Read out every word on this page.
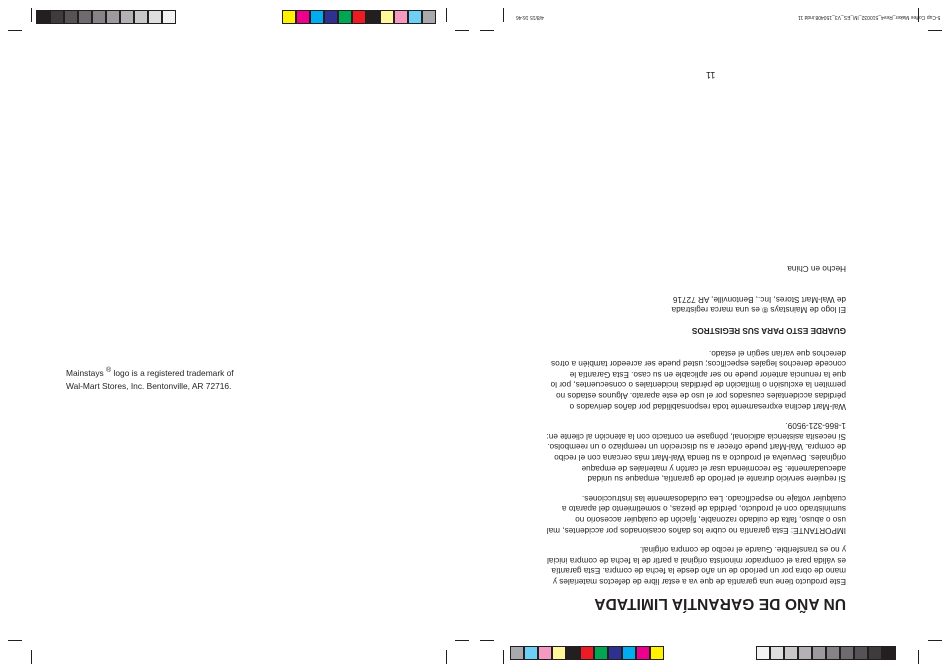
Mainstays ® logo is a registered trademark of
Wal-Mart Stores, Inc. Bentonville, AR 72716.
5-Cup Coffee Maker_Rev4_510032_IM_ES_V3_150408.indd 11
4/8/15 16:46
11
UN AÑO DE GARANTÍA LIMITADA

Este producto tiene una garantía de que va a estar libre de defectos materiales y mano de obra por un período de un año desde la fecha de compra. Esta garantía es válida para el comprador minorista original a partir de la fecha de compra inicial y no es transferible. Guarde el recibo de compra original.

IMPORTANTE: Esta garantía no cubre los daños ocasionados por accidentes, mal uso o abuso, falta de cuidado razonable, fijación de cualquier accesorio no suministrado con el producto, pérdida de piezas, o sometimiento del aparato a cualquier voltaje no especificado. Lea cuidadosamente las instrucciones.

Si requiere servicio durante el período de garantía, empaque su unidad adecuadamente. Se recomienda usar el cartón y materiales de empaque originales. Devuelva el producto a su tienda Wal-Mart más cercana con el recibo de compra. Wal-Mart puede ofrecer a su discreción un reemplazo o un reembolso. Si necesita asistencia adicional, póngase en contacto con la atención al cliente en: 1-866-321-9509.

Wal-Mart declina expresamente toda responsabilidad por daños derivados o pérdidas accidentales causados por el uso de este aparato. Algunos estados no permiten la exclusión o limitación de pérdidas incidentales o consecuentes, por lo que la renuncia anterior puede no ser aplicable en su caso. Esta Garantía le concede derechos legales específicos; usted puede ser acreedor también a otros derechos que varían según el estado.

GUARDE ESTO PARA SUS REGISTROS
El logo de Mainstays ® es una marca registrada
de Wal-Mart Stores, Inc., Bentonville, AR 72716
Hecho en China
